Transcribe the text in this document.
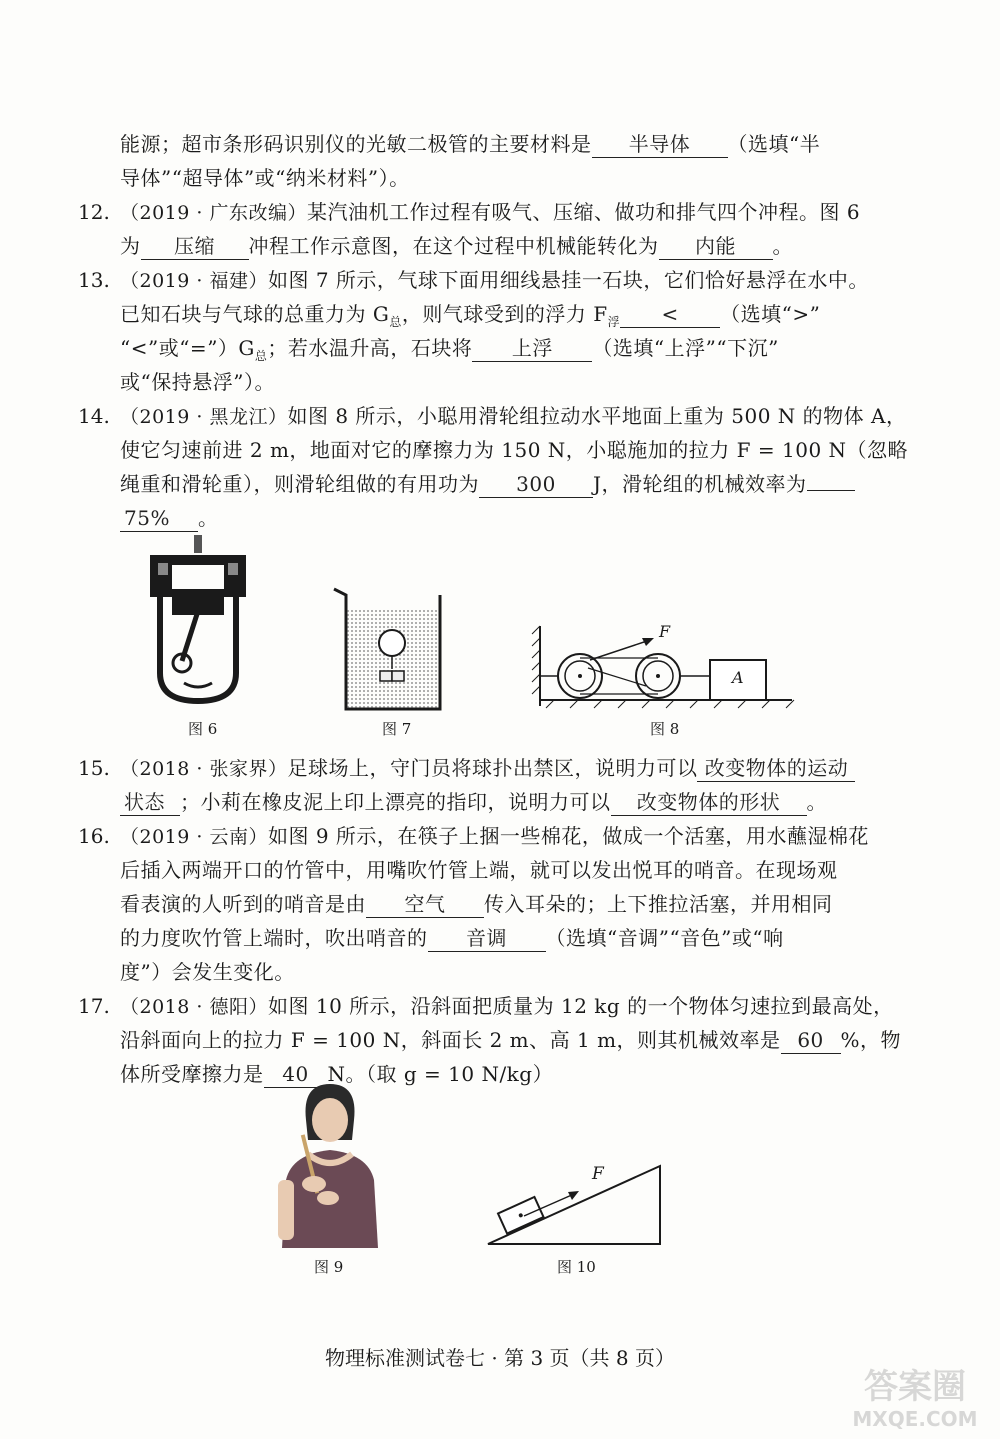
能源；超市条形码识别仪的光敏二极管的主要材料是 半导体 （选填“半
导体”“超导体”或“纳米材料”）。
12. （2019 · 广东改编）某汽油机工作过程有吸气、压缩、做功和排气四个冲程。图 6
为 压缩 冲程工作示意图，在这个过程中机械能转化为 内能 。
13. （2019 · 福建）如图 7 所示，气球下面用细线悬挂一石块，它们恰好悬浮在水中。
已知石块与气球的总重力为 $G_总$，则气球受到的浮力 $F_浮$ < （选填“>”
“<”或“$=”)G_总$；若水温升高，石块将 上浮 （选填“上浮”“下沉”
或“保持悬浮”）。
14. （2019 · 黑龙江）如图 8 所示，小聪用滑轮组拉动水平地面上重为 500 N 的物体 A，
使它匀速前进 2 m，地面对它的摩擦力为 150 N，小聪施加的拉力 F = 100 N（忽略
绳重和滑轮重），则滑轮组做的有用功为 300 J，滑轮组的机械效率为
75% 。
图 6	图 7
F
A
图 8
15. （2018 · 张家界）足球场上，守门员将球扑出禁区，说明力可以 改变物体的运动
状态 ；小莉在橡皮泥上印上漂亮的指印，说明力可以 改变物体的形状 。
16. （2019 · 云南）如图 9 所示，在筷子上捆一些棉花，做成一个活塞，用水蘸湿棉花
后插入两端开口的竹管中，用嘴吹竹管上端，就可以发出悦耳的哨音。在现场观
看表演的人听到的哨音是由 空气 传入耳朵的；上下推拉活塞，并用相同
的力度吹竹管上端时，吹出哨音的 音调 （选填“音调”“音色”或“响
度”）会发生变化。
17. （2018 · 德阳）如图 10 所示，沿斜面把质量为 12 kg 的一个物体匀速拉到最高处，
沿斜面向上的拉力 F = 100 N，斜面长 2 m、高 1 m，则其机械效率是 60 %，物
体所受摩擦力是 40 N。（取 g = 10 N/kg）
图 9
F
图 10
物理标准测试卷七 · 第 3 页（共 8 页）
答案圈
MXQE.COM
